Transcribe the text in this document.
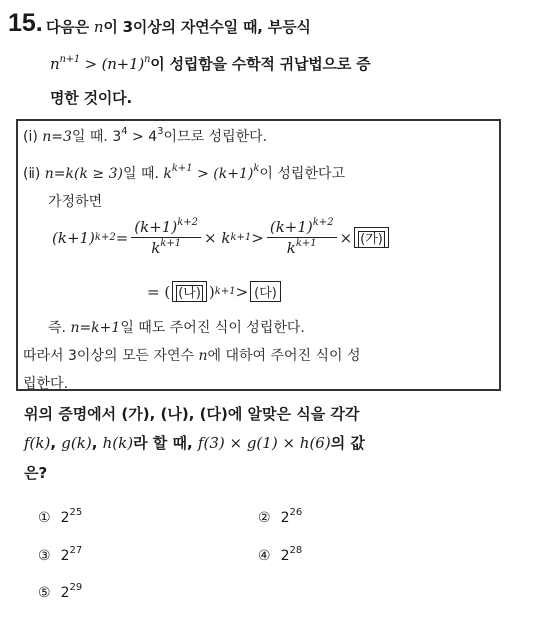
15. 다음은 n이 3이상의 자연수일 때, 부등식
$n^{n+1} > (n+1)^n$이 성립함을 수학적 귀납법으로 증
명한 것이다.
(ⅰ) n=3일 때. $3^4 > 4^3$이므로 성립한다.
(ⅱ) n=k(k ≥ 3)일 때. $k^{k+1} > (k+1)^k$이 성립한다고
가정하면
(k+1) $k+2 = \frac{(k+1)^{k+2}}{k^{k+1}} \times k$ $k+1 > \frac{(k+1)^{k+2}}{k^{k+1}}$ × (가)
= ( (나) ) k+1 > (다)
즉. n=k+1일 때도 주어진 식이 성립한다.
따라서 3이상의 모든 자연수 n에 대하여 주어진 식이 성
립한다.
위의 증명에서 (가), (나), (다)에 알맞은 식을 각각
f(k), g(k), h(k)라 할 때, f(3) × g(1) × h(6)의 값
은?
① $2^{25}$	② $2^{26}$
③ $2^{27}$	④ $2^{28}$
⑤ $2^{29}$
